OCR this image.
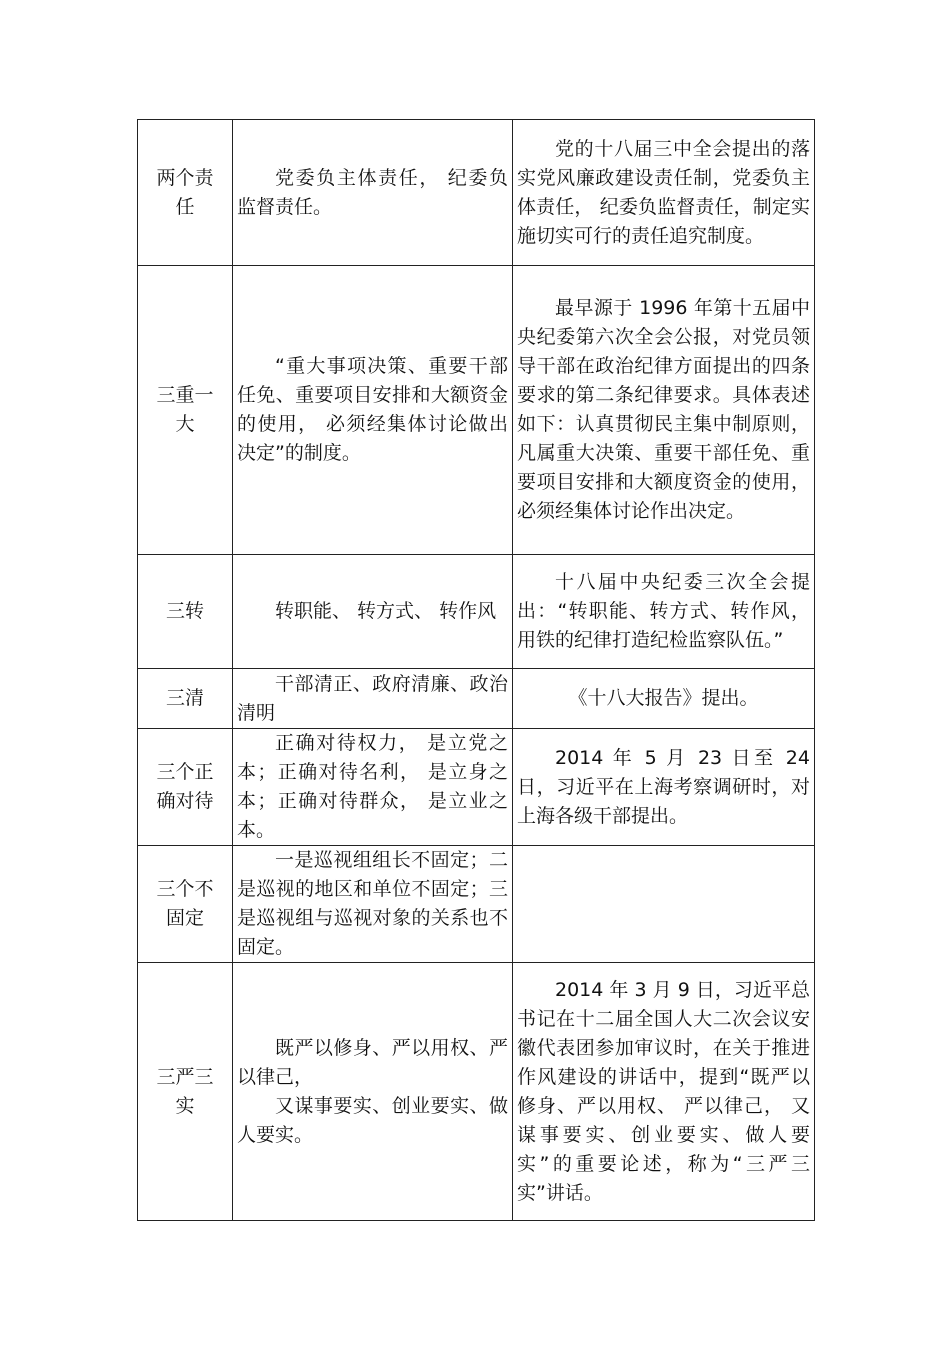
两个责任	党委负主体责任， 纪委负监督责任。	党的十八届三中全会提出的落实党风廉政建设责任制，党委负主体责任， 纪委负监督责任，制定实施切实可行的责任追究制度。

三重一大	“重大事项决策、重要干部任免、重要项目安排和大额资金的使用， 必须经集体讨论做出决定”的制度。	最早源于 1996 年第十五届中央纪委第六次全会公报，对党员领导干部在政治纪律方面提出的四条要求的第二条纪律要求。具体表述如下：认真贯彻民主集中制原则， 凡属重大决策、重要干部任免、重要项目安排和大额度资金的使用，必须经集体讨论作出决定。

三转	转职能、 转方式、 转作风	十八届中央纪委三次全会提出：“转职能、转方式、转作风，用铁的纪律打造纪检监察队伍。”

三清	干部清正、政府清廉、政治清明	《十八大报告》提出。

三个正确对待	正确对待权力， 是立党之本；正确对待名利， 是立身之本；正确对待群众， 是立业之本。	2014 年 5 月 23 日至 24 日，习近平在上海考察调研时，对上海各级干部提出。

三个不固定	一是巡视组组长不固定；二是巡视的地区和单位不固定；三是巡视组与巡视对象的关系也不固定。	

三严三实	既严以修身、严以用权、严以律己，
又谋事要实、创业要实、做人要实。	2014 年 3 月 9 日，习近平总书记在十二届全国人大二次会议安徽代表团参加审议时，在关于推进作风建设的讲话中，提到“既严以修身、严以用权、 严以律己， 又谋事要实、创业要实、做人要实”的重要论述，称为“三严三实”讲话。
